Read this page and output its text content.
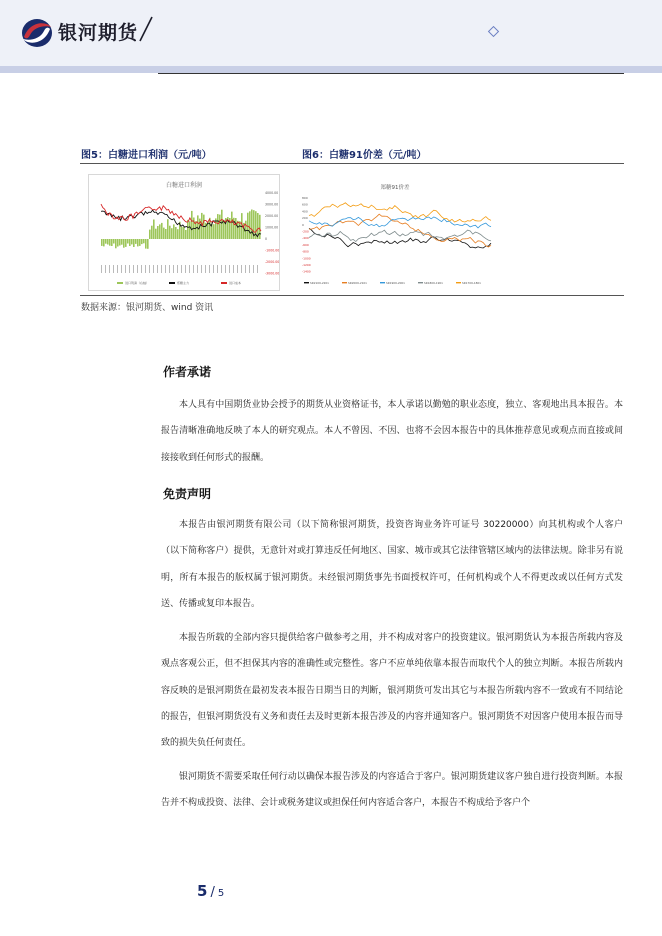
银河期货
图5：白糖进口利润（元/吨）	图6：白糖91价差（元/吨）
白糖进口利润
4000.00
3000.00
2000.00
1000.00
0
-1000.00
-2000.00
-3000.00
进口利润（右轴）	郑糖主力	进口成本
郑糖91价差
800
600
400
200
0
-200
-400
-600
-800
-1000
-1200
-1400
SR2109-2201	SR2009-2101	SR1909-2001	SR1809-1901	SR1709-1801
数据来源：银河期货、wind 资讯
作者承诺
本人具有中国期货业协会授予的期货从业资格证书，本人承诺以勤勉的职业态度，独立、客观地出具本报告。本报告清晰准确地反映了本人的研究观点。本人不曾因、不因、也将不会因本报告中的具体推荐意见或观点而直接或间接接收到任何形式的报酬。
免责声明
本报告由银河期货有限公司（以下简称银河期货，投资咨询业务许可证号 30220000）向其机构或个人客户（以下简称客户）提供，无意针对或打算违反任何地区、国家、城市或其它法律管辖区域内的法律法规。除非另有说明，所有本报告的版权属于银河期货。未经银河期货事先书面授权许可，任何机构或个人不得更改或以任何方式发送、传播或复印本报告。
本报告所载的全部内容只提供给客户做参考之用，并不构成对客户的投资建议。银河期货认为本报告所载内容及观点客观公正，但不担保其内容的准确性或完整性。客户不应单纯依靠本报告而取代个人的独立判断。本报告所载内容反映的是银河期货在最初发表本报告日期当日的判断，银河期货可发出其它与本报告所载内容不一致或有不同结论的报告，但银河期货没有义务和责任去及时更新本报告涉及的内容并通知客户。银河期货不对因客户使用本报告而导致的损失负任何责任。
银河期货不需要采取任何行动以确保本报告涉及的内容适合于客户。银河期货建议客户独自进行投资判断。本报告并不构成投资、法律、会计或税务建议或担保任何内容适合客户，本报告不构成给予客户个
5 / 5
